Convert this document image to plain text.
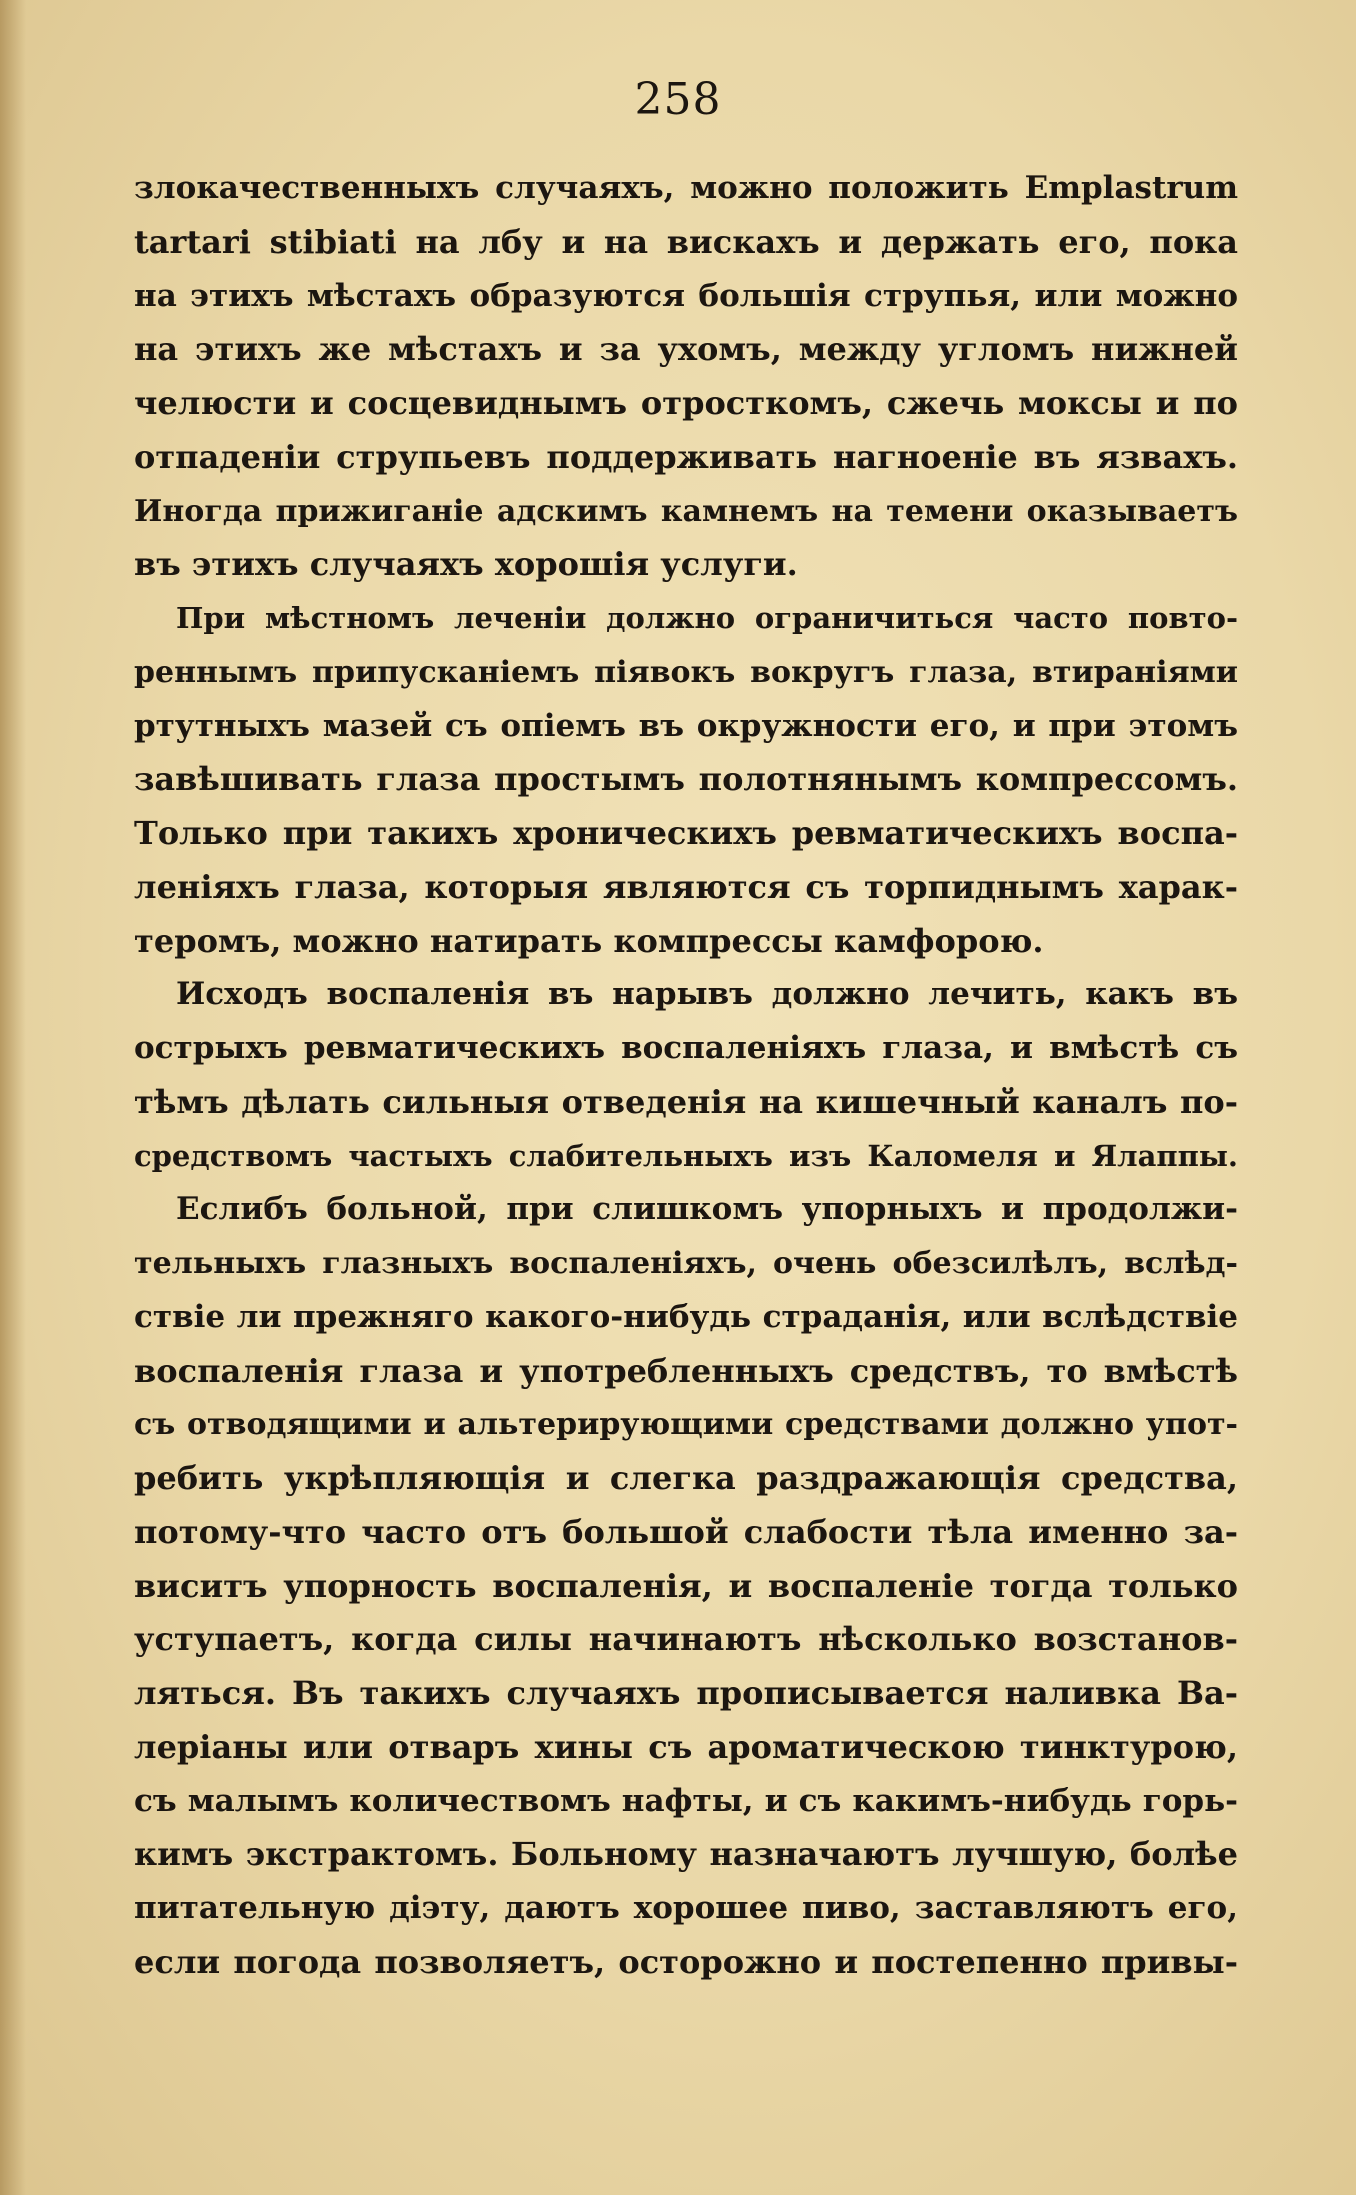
258
злокачественныхъ случаяхъ, можно положить Emplastrum
tartari stibiati на лбу и на вискахъ и держать его, пока
на этихъ мѣстахъ образуются большія струпья, или можно
на этихъ же мѣстахъ и за ухомъ, между угломъ нижней
челюсти и сосцевиднымъ отросткомъ, сжечь моксы и по
отпаденіи струпьевъ поддерживать нагноеніе въ язвахъ.
Иногда прижиганіе адскимъ камнемъ на темени оказываетъ
въ этихъ случаяхъ хорошія услуги.
При мѣстномъ леченіи должно ограничиться часто повто-
реннымъ припусканіемъ піявокъ вокругъ глаза, втираніями
ртутныхъ мазей съ опіемъ въ окружности его, и при этомъ
завѣшивать глаза простымъ полотнянымъ компрессомъ.
Только при такихъ хроническихъ ревматическихъ воспа-
леніяхъ глаза, которыя являются съ торпиднымъ харак-
теромъ, можно натирать компрессы камфорою.
Исходъ воспаленія въ нарывъ должно лечить, какъ въ
острыхъ ревматическихъ воспаленіяхъ глаза, и вмѣстѣ съ
тѣмъ дѣлать сильныя отведенія на кишечный каналъ по-
средствомъ частыхъ слабительныхъ изъ Каломеля и Ялаппы.
Еслибъ больной, при слишкомъ упорныхъ и продолжи-
тельныхъ глазныхъ воспаленіяхъ, очень обезсилѣлъ, вслѣд-
ствіе ли прежняго какого-нибудь страданія, или вслѣдствіе
воспаленія глаза и употребленныхъ средствъ, то вмѣстѣ
съ отводящими и альтерирующими средствами должно упот-
ребить укрѣпляющія и слегка раздражающія средства,
потому-что часто отъ большой слабости тѣла именно за-
виситъ упорность воспаленія, и воспаленіе тогда только
уступаетъ, когда силы начинаютъ нѣсколько возстанов-
ляться. Въ такихъ случаяхъ прописывается наливка Ва-
леріаны или отваръ хины съ ароматическою тинктурою,
съ малымъ количествомъ нафты, и съ какимъ-нибудь горь-
кимъ экстрактомъ. Больному назначаютъ лучшую, болѣе
питательную діэту, даютъ хорошее пиво, заставляютъ его,
если погода позволяетъ, осторожно и постепенно привы-
